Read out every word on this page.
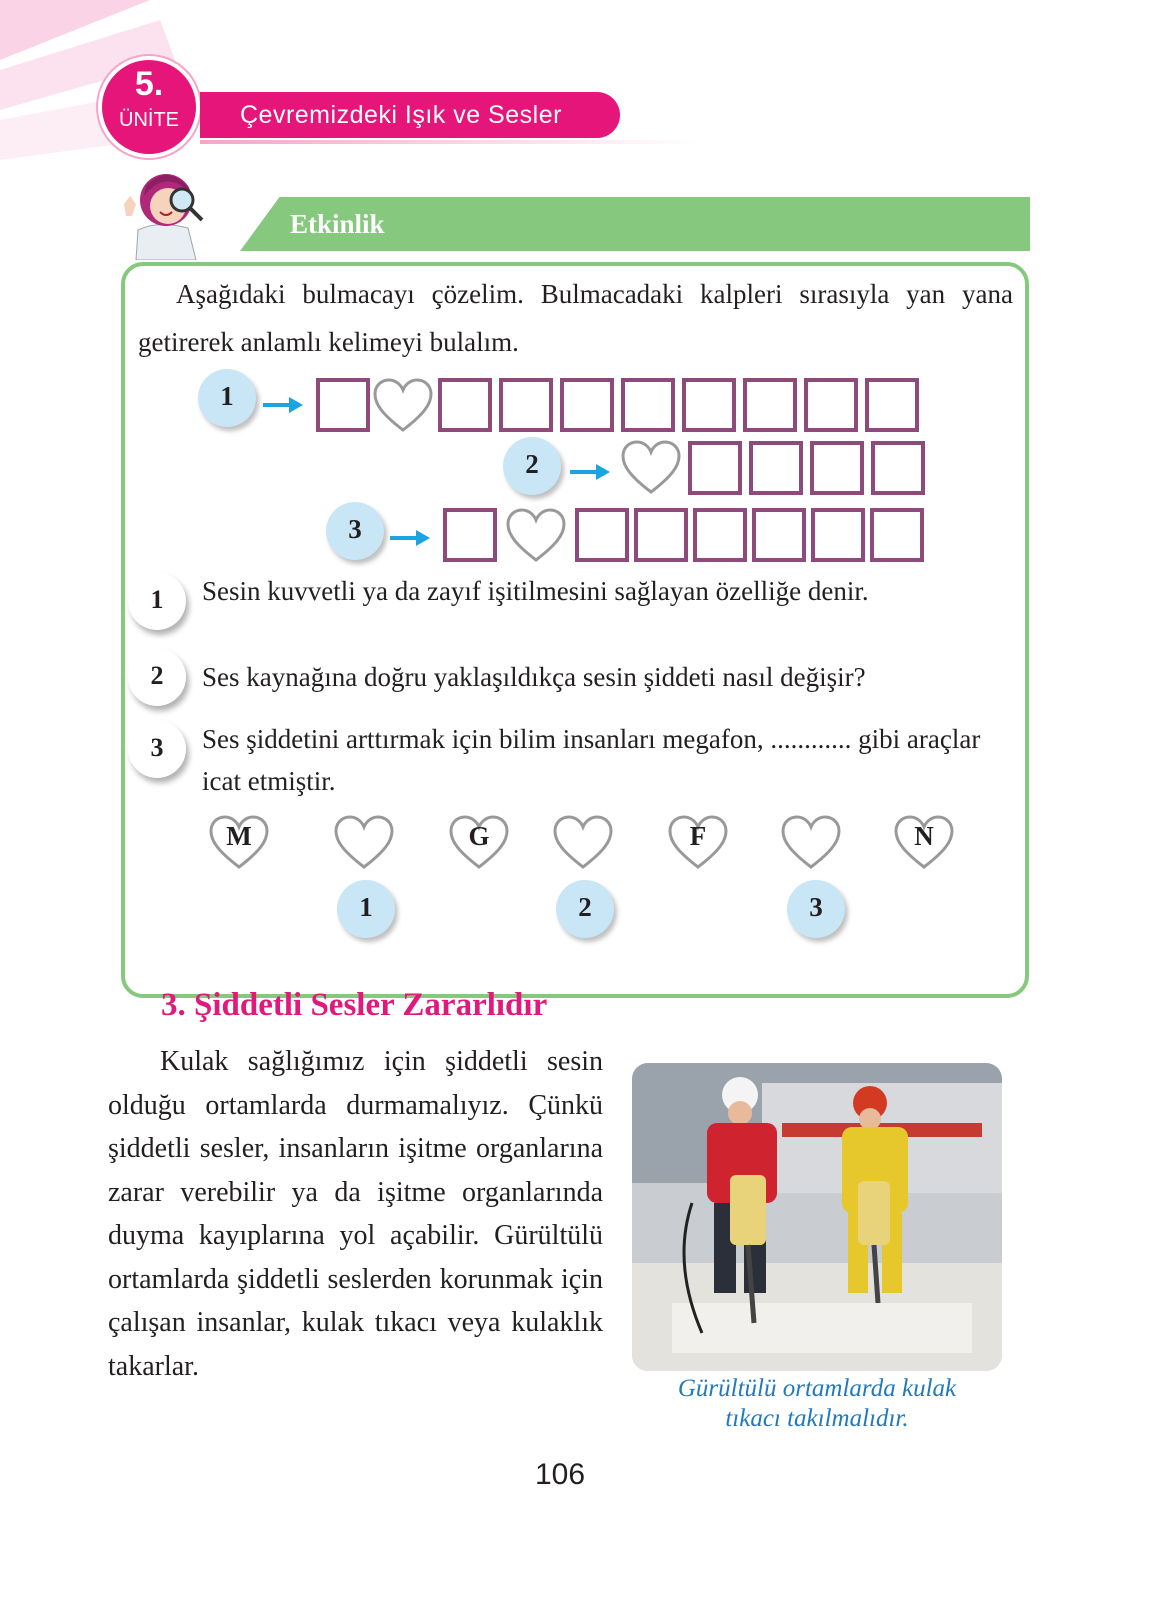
5.
ÜNİTE	Çevremizdeki Işık ve Sesler
Etkinlik
Aşağıdaki bulmacayı çözelim. Bulmacadaki kalpleri sırasıyla yan yana getirerek anlamlı kelimeyi bulalım.
1
2
3
1	Sesin kuvvetli ya da zayıf işitilmesini sağlayan özelliğe denir.
2	Ses kaynağına doğru yaklaşıldıkça sesin şiddeti nasıl değişir?
3	Ses şiddetini arttırmak için bilim insanları megafon, ............ gibi araçlar icat etmiştir.
M	G	F	N
1	2	3
3. Şiddetli Sesler Zararlıdır
Kulak sağlığımız için şiddetli sesin olduğu ortamlarda durmamalıyız. Çünkü şiddetli sesler, insanların işitme organlarına zarar verebilir ya da işitme organlarında duyma kayıplarına yol açabilir. Gürültülü ortamlarda şiddetli seslerden korunmak için çalışan insanlar, kulak tıkacı veya kulaklık takarlar.
Gürültülü ortamlarda kulak
tıkacı takılmalıdır.
106
